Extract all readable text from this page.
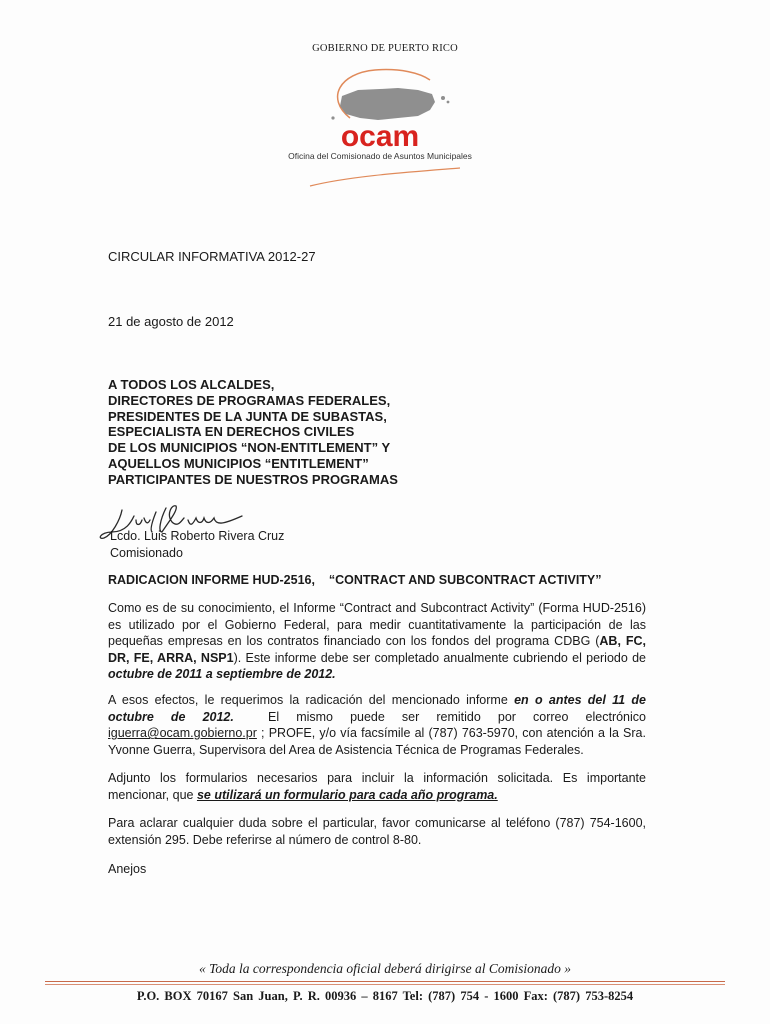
GOBIERNO DE PUERTO RICO
ocam
Oficina del Comisionado de Asuntos Municipales
CIRCULAR INFORMATIVA 2012-27
21 de agosto de 2012
A TODOS LOS ALCALDES,
DIRECTORES DE PROGRAMAS FEDERALES,
PRESIDENTES DE LA JUNTA DE SUBASTAS,
ESPECIALISTA EN DERECHOS CIVILES
DE LOS MUNICIPIOS “NON-ENTITLEMENT” Y
AQUELLOS MUNICIPIOS “ENTITLEMENT”
PARTICIPANTES DE NUESTROS PROGRAMAS
Lcdo. Luis Roberto Rivera Cruz
Comisionado
RADICACION INFORME HUD-2516,    “CONTRACT AND SUBCONTRACT ACTIVITY”
Como es de su conocimiento, el Informe “Contract and Subcontract Activity” (Forma HUD-2516) es utilizado por el Gobierno Federal, para medir cuantitativamente la participación de las pequeñas empresas en los contratos financiado con los fondos del programa CDBG (AB, FC, DR, FE, ARRA, NSP1). Este informe debe ser completado anualmente cubriendo el periodo de octubre de 2011 a septiembre de 2012.
A esos efectos, le requerimos la radicación del mencionado informe en o antes del 11 de octubre de 2012.  El mismo puede ser remitido por correo electrónico iguerra@ocam.gobierno.pr ; PROFE, y/o vía facsímile al (787) 763-5970, con atención a la Sra. Yvonne Guerra, Supervisora del Area de Asistencia Técnica de Programas Federales.
Adjunto los formularios necesarios para incluir la información solicitada. Es importante mencionar, que se utilizará un formulario para cada año programa.
Para aclarar cualquier duda sobre el particular, favor comunicarse al teléfono (787) 754-1600, extensión 295. Debe referirse al número de control 8-80.
Anejos
« Toda la correspondencia oficial deberá dirigirse al Comisionado »
P.O. BOX 70167 San Juan, P. R. 00936 – 8167 Tel: (787) 754 - 1600 Fax: (787) 753-8254
